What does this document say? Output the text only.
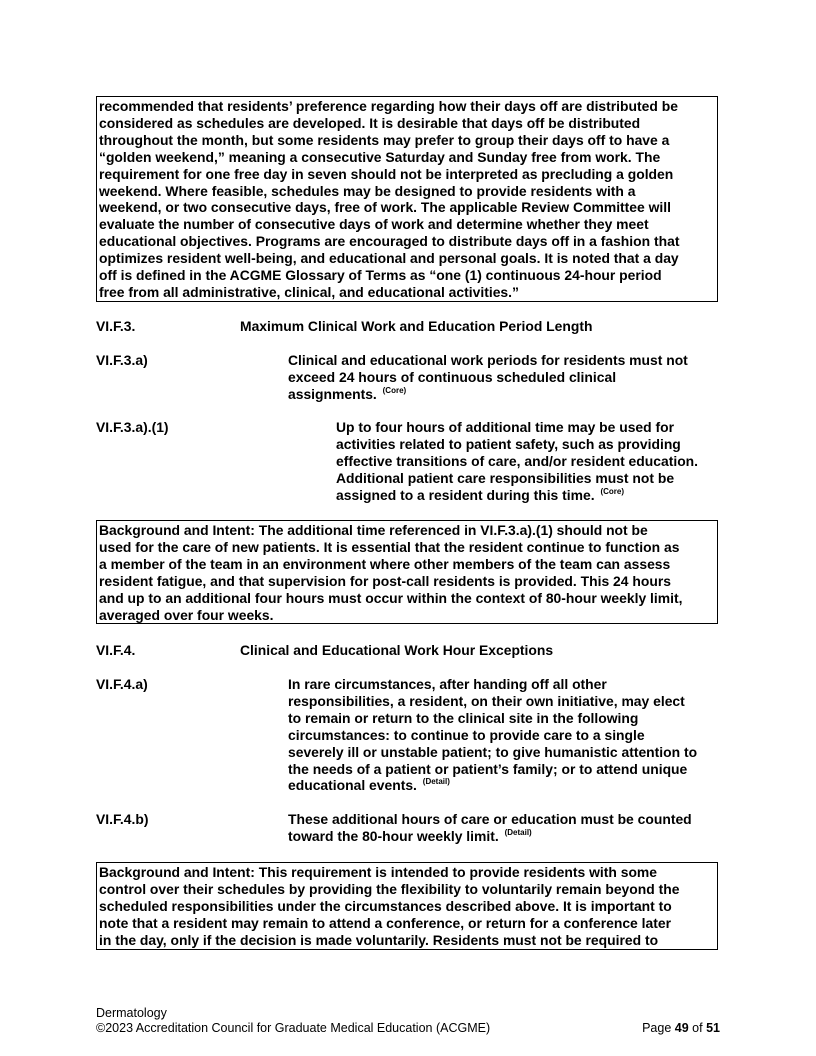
recommended that residents’ preference regarding how their days off are distributed be
considered as schedules are developed. It is desirable that days off be distributed
throughout the month, but some residents may prefer to group their days off to have a
“golden weekend,” meaning a consecutive Saturday and Sunday free from work. The
requirement for one free day in seven should not be interpreted as precluding a golden
weekend. Where feasible, schedules may be designed to provide residents with a
weekend, or two consecutive days, free of work. The applicable Review Committee will
evaluate the number of consecutive days of work and determine whether they meet
educational objectives. Programs are encouraged to distribute days off in a fashion that
optimizes resident well-being, and educational and personal goals. It is noted that a day
off is defined in the ACGME Glossary of Terms as “one (1) continuous 24-hour period
free from all administrative, clinical, and educational activities.”
VI.F.3.	Maximum Clinical Work and Education Period Length
VI.F.3.a)	Clinical and educational work periods for residents must not
exceed 24 hours of continuous scheduled clinical
assignments. $^{(Core)}$
VI.F.3.a).(1)	Up to four hours of additional time may be used for
activities related to patient safety, such as providing
effective transitions of care, and/or resident education.
Additional patient care responsibilities must not be
assigned to a resident during this time. $^{(Core)}$
Background and Intent: The additional time referenced in VI.F.3.a).(1) should not be
used for the care of new patients. It is essential that the resident continue to function as
a member of the team in an environment where other members of the team can assess
resident fatigue, and that supervision for post-call residents is provided. This 24 hours
and up to an additional four hours must occur within the context of 80-hour weekly limit,
averaged over four weeks.
VI.F.4.	Clinical and Educational Work Hour Exceptions
VI.F.4.a)	In rare circumstances, after handing off all other
responsibilities, a resident, on their own initiative, may elect
to remain or return to the clinical site in the following
circumstances: to continue to provide care to a single
severely ill or unstable patient; to give humanistic attention to
the needs of a patient or patient’s family; or to attend unique
educational events. $^{(Detail)}$
VI.F.4.b)	These additional hours of care or education must be counted
toward the 80-hour weekly limit. $^{(Detail)}$
Background and Intent: This requirement is intended to provide residents with some
control over their schedules by providing the flexibility to voluntarily remain beyond the
scheduled responsibilities under the circumstances described above. It is important to
note that a resident may remain to attend a conference, or return for a conference later
in the day, only if the decision is made voluntarily. Residents must not be required to
Dermatology
©2023 Accreditation Council for Graduate Medical Education (ACGME)	Page 49 of 51
